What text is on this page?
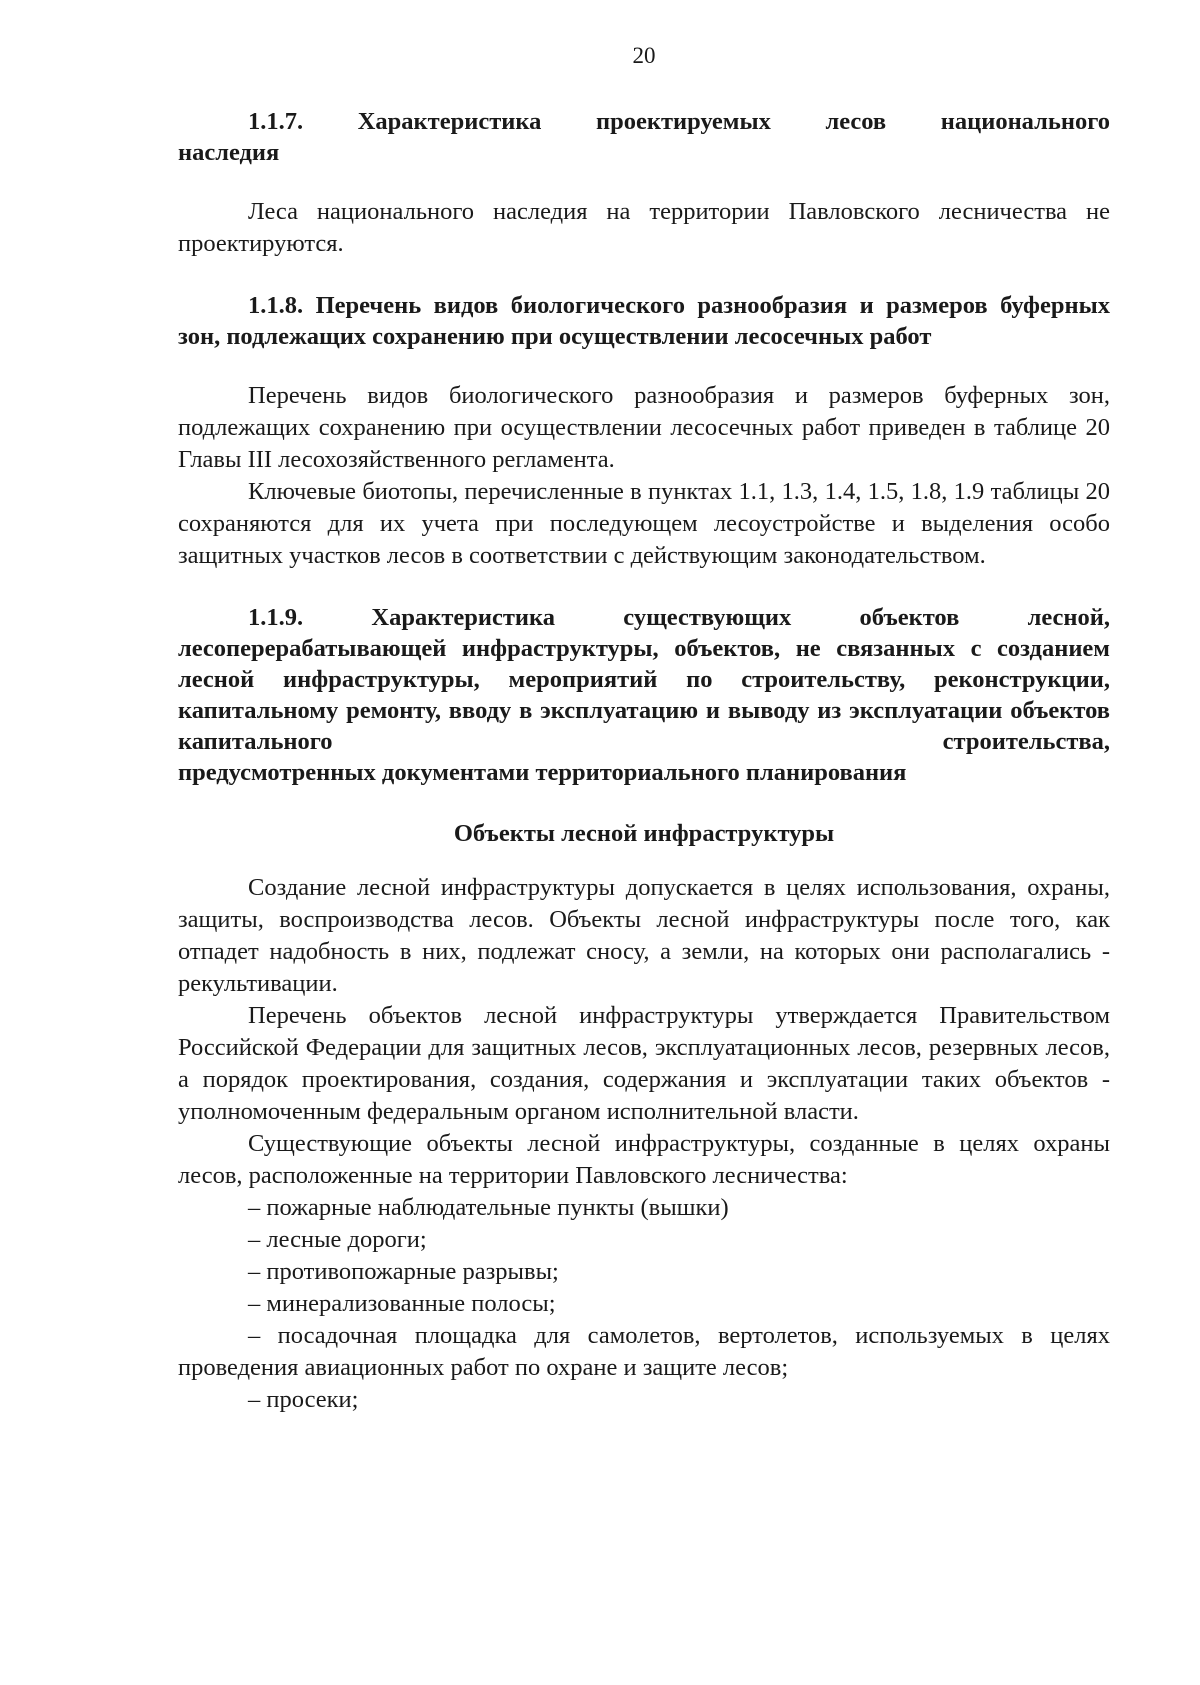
20
1.1.7. Характеристика проектируемых лесов национального
наследия

Леса национального наследия на территории Павловского лесничества не проектируются.

1.1.8. Перечень видов биологического разнообразия и размеров буферных зон, подлежащих сохранению при осуществлении лесосечных работ

Перечень видов биологического разнообразия и размеров буферных зон, подлежащих сохранению при осуществлении лесосечных работ приведен в таблице 20 Главы III лесохозяйственного регламента.

Ключевые биотопы, перечисленные в пунктах 1.1, 1.3, 1.4, 1.5, 1.8, 1.9 таблицы 20 сохраняются для их учета при последующем лесоустройстве и выделения особо защитных участков лесов в соответствии с действующим законодательством.

1.1.9. Характеристика существующих объектов лесной, лесоперерабатывающей инфраструктуры, объектов, не связанных с созданием лесной инфраструктуры, мероприятий по строительству, реконструкции, капитальному ремонту, вводу в эксплуатацию и выводу из эксплуатации объектов капитального строительства,
предусмотренных документами территориального планирования
Объекты лесной инфраструктуры

Создание лесной инфраструктуры допускается в целях использования, охраны, защиты, воспроизводства лесов. Объекты лесной инфраструктуры после того, как отпадет надобность в них, подлежат сносу, а земли, на которых они располагались - рекультивации.

Перечень объектов лесной инфраструктуры утверждается Правительством Российской Федерации для защитных лесов, эксплуатационных лесов, резервных лесов, а порядок проектирования, создания, содержания и эксплуатации таких объектов - уполномоченным федеральным органом исполнительной власти.

Существующие объекты лесной инфраструктуры, созданные в целях охраны лесов, расположенные на территории Павловского лесничества:

– пожарные наблюдательные пункты (вышки)

– лесные дороги;

– противопожарные разрывы;

– минерализованные полосы;

– посадочная площадка для самолетов, вертолетов, используемых в целях проведения авиационных работ по охране и защите лесов;

– просеки;
